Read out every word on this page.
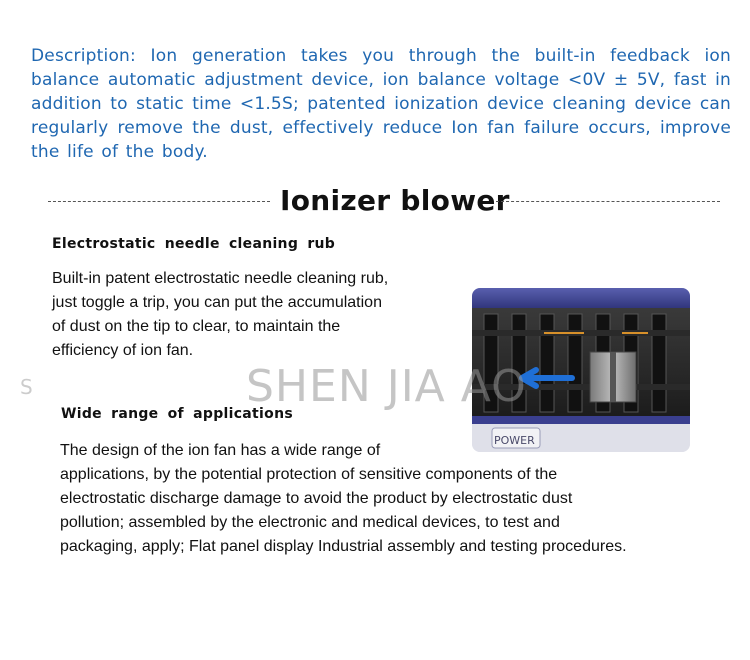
Description: Ion generation takes you through the built-in feedback ion balance automatic adjustment device, ion balance voltage <0V ± 5V, fast in addition to static time <1.5S; patented ionization device cleaning device can regularly remove the dust, effectively reduce Ion fan failure occurs, improve the life of the body.
Ionizer blower
Electrostatic needle cleaning rub
Built-in patent electrostatic needle cleaning rub,
just toggle a trip, you can put the accumulation
of dust on the tip to clear, to maintain the
efficiency of ion fan.
POWER
S	SHEN JIA AO
Wide range of applications
The design of the ion fan has a wide range of
applications, by the potential protection of sensitive components of the
electrostatic discharge damage to avoid the product by electrostatic dust
pollution; assembled by the electronic and medical devices, to test and
packaging, apply; Flat panel display Industrial assembly and testing procedures.
